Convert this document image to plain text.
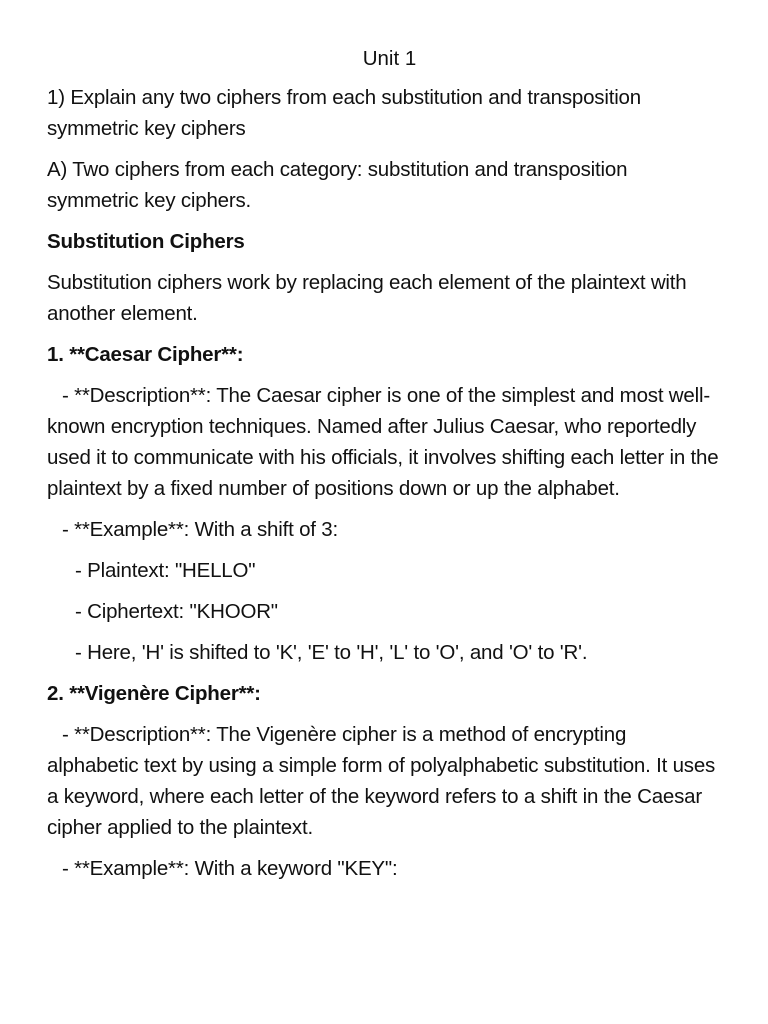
Unit 1

1) Explain any two ciphers from each substitution and transposition symmetric key ciphers

A) Two ciphers from each category: substitution and transposition symmetric key ciphers.

Substitution Ciphers

Substitution ciphers work by replacing each element of the plaintext with another element.

1. **Caesar Cipher**:

- **Description**: The Caesar cipher is one of the simplest and most well-known encryption techniques. Named after Julius Caesar, who reportedly used it to communicate with his officials, it involves shifting each letter in the plaintext by a fixed number of positions down or up the alphabet.

- **Example**: With a shift of 3:

- Plaintext: "HELLO"

- Ciphertext: "KHOOR"

- Here, 'H' is shifted to 'K', 'E' to 'H', 'L' to 'O', and 'O' to 'R'.

2. **Vigenère Cipher**:

- **Description**: The Vigenère cipher is a method of encrypting alphabetic text by using a simple form of polyalphabetic substitution. It uses a keyword, where each letter of the keyword refers to a shift in the Caesar cipher applied to the plaintext.

- **Example**: With a keyword "KEY":
